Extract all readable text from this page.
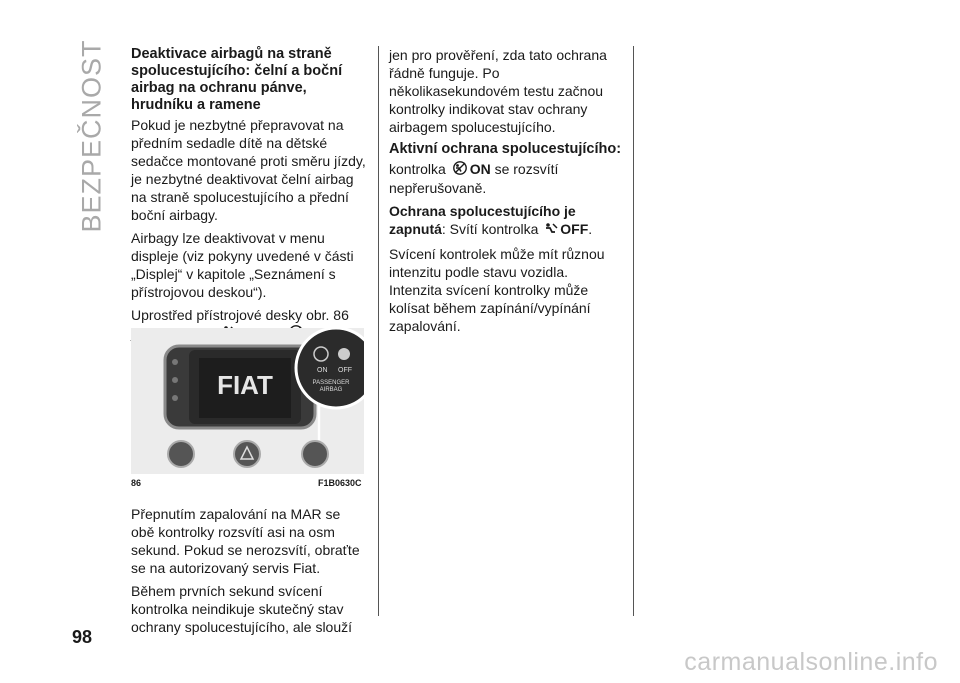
BEZPEČNOST Deaktivace airbagů na straně spolucestujícího: čelní a boční airbag na ochranu pánve, hrudníku a ramene

Pokud je nezbytné přepravovat na předním sedadle dítě na dětské sedačce montované proti směru jízdy, je nezbytné deaktivovat čelní airbag na straně spolucestujícího a přední boční airbagy.

Airbagy lze deaktivovat v menu displeje (viz pokyny uvedené v části „Displej“ v kapitole „Seznámení s přístrojovou deskou“).

Uprostřed přístrojové desky obr. 86

FIAT	ON OFF
PASSENGER
AIRBAG
86	F1B0630C

Přepnutím zapalování na MAR se obě kontrolky rozsvítí asi na osm sekund. Pokud se nerozsvítí, obraťte se na autorizovaný servis Fiat.

Během prvních sekund svícení kontrolka neindikuje skutečný stav ochrany spolucestujícího, ale slouží

jen pro prověření, zda tato ochrana řádně funguje. Po několikasekundovém testu začnou kontrolky indikovat stav ochrany airbagem spolucestujícího.

Aktivní ochrana spolucestujícího:

kontrolka ON se rozsvítí
nepřerušovaně.

Ochrana spolucestujícího je
zapnutá: Svítí kontrolka OFF.

Svícení kontrolek může mít různou intenzitu podle stavu vozidla. Intenzita svícení kontrolky může kolísat během zapínání/vypínání zapalování.

98
carmanualsonline.info
